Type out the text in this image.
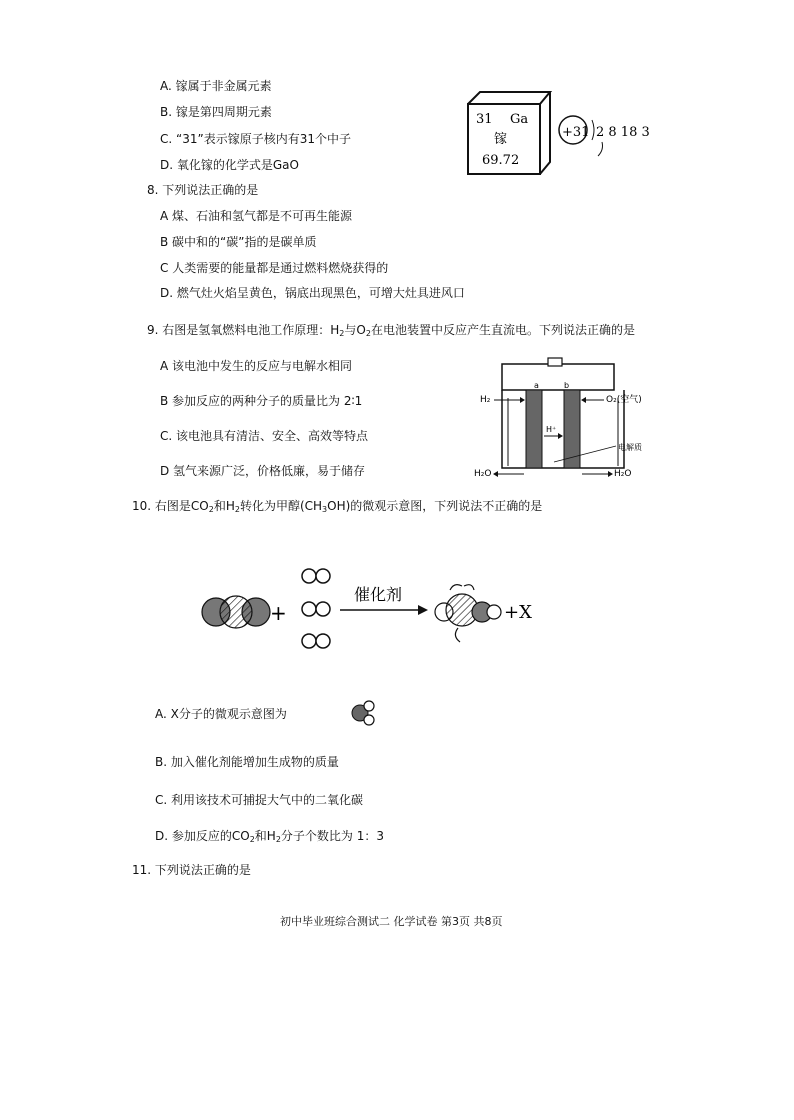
A. 镓属于非金属元素
B. 镓是第四周期元素
C. “31”表示镓原子核内有31个中子
D. 氧化镓的化学式是GaO
31 Ga
镓
69.72
+31 2 8 18 3
8. 下列说法正确的是
A 煤、石油和氢气都是不可再生能源
B 碳中和的“碳”指的是碳单质
C 人类需要的能量都是通过燃料燃烧获得的
D. 燃气灶火焰呈黄色，锅底出现黑色，可增大灶具进风口
9. 右图是氢氧燃料电池工作原理：$H_2$与$O_2$在电池装置中反应产生直流电。下列说法正确的是
A 该电池中发生的反应与电解水相同
B 参加反应的两种分子的质量比为 2∶1
C. 该电池具有清洁、安全、高效等特点
D 氢气来源广泛，价格低廉，易于储存
a	b
H₂	O₂(空气)
H⁺
电解质
H₂O	H₂O
10. 右图是$CO_2$和$H_2$转化为甲醇$(CH_3OH)$的微观示意图，下列说法不正确的是
+
催化剂
+X
A. X分子的微观示意图为
B. 加入催化剂能增加生成物的质量
C. 利用该技术可捕捉大气中的二氧化碳
D. 参加反应的$CO_2$和$H_2$分子个数比为 1：3
11. 下列说法正确的是
初中毕业班综合测试二 化学试卷 第3页 共8页
